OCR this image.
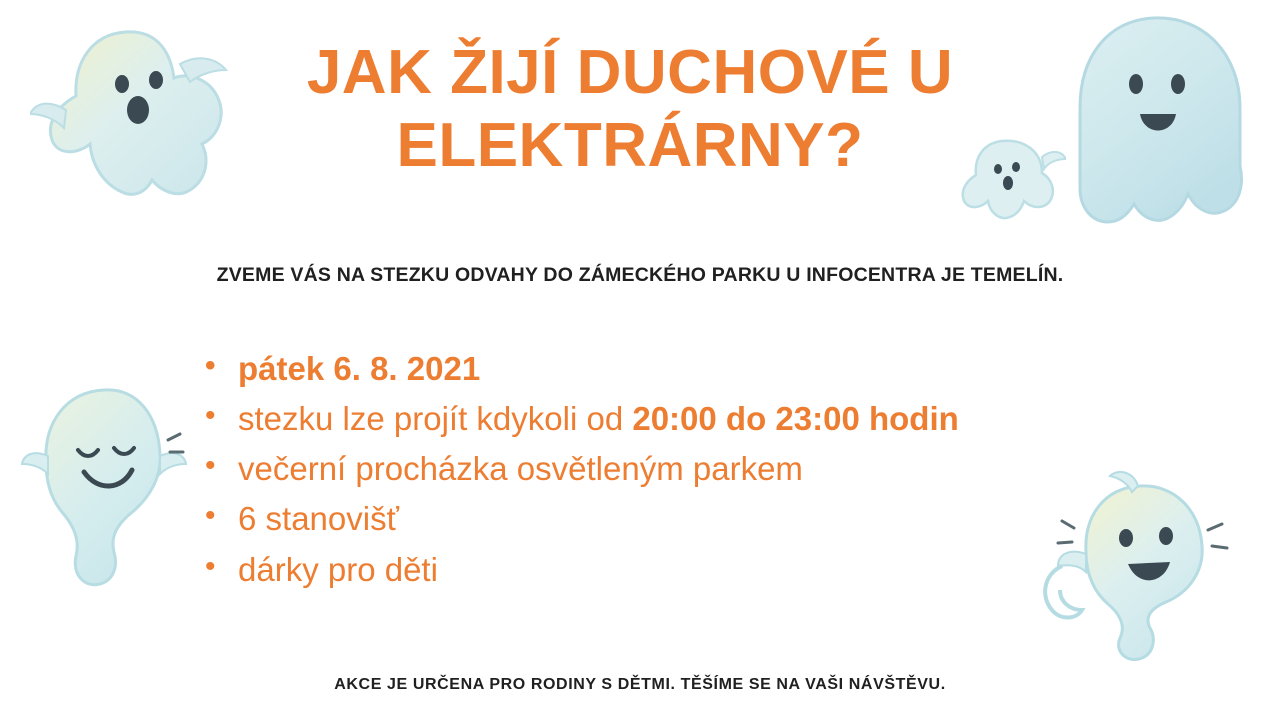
JAK ŽIJÍ DUCHOVÉ U
ELEKTRÁRNY?
ZVEME VÁS NA STEZKU ODVAHY DO ZÁMECKÉHO PARKU U INFOCENTRA JE TEMELÍN.
• pátek 6. 8. 2021
• stezku lze projít kdykoli od 20:00 do 23:00 hodin
• večerní procházka osvětleným parkem
• 6 stanovišť
• dárky pro děti
AKCE JE URČENA PRO RODINY S DĚTMI. TĚŠÍME SE NA VAŠI NÁVŠTĚVU.
